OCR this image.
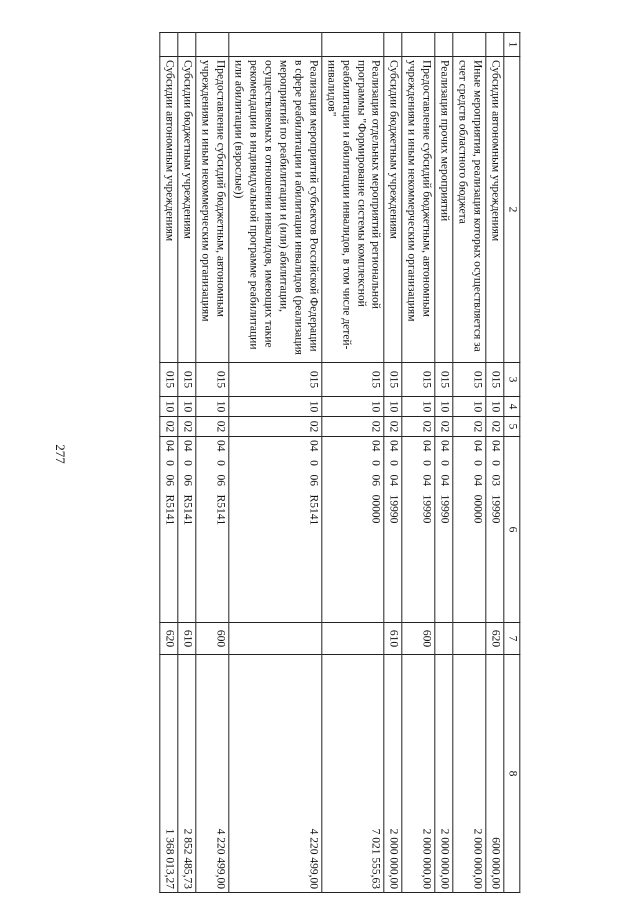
277
1	2	3	4	5	6	7	8
	Субсидии автономным учреждениям	015	10	02	04   0   03   19990	620	600 000,00
	Иные мероприятия, реализация которых осуществляется за счет средств областного бюджета	015	10	02	04   0   04   00000		2 000 000,00
	Реализация прочих мероприятий	015	10	02	04   0   04   19990		2 000 000,00
	Предоставление субсидий бюджетным, автономным учреждениям и иным некоммерческим организациям	015	10	02	04   0   04   19990	600	2 000 000,00
	Субсидии бюджетным учреждениям	015	10	02	04   0   04   19990	610	2 000 000,00
	Реализация отдельных мероприятий региональной программы "Формирование системы комплексной реабилитации и абилитации инвалидов, в том числе детей-инвалидов"	015	10	02	04   0   06   00000		7 021 555,63
	Реализация мероприятий субъектов Российской Федерации в сфере реабилитации и абилитации инвалидов (реализация мероприятий по реабилитации и (или) абилитации, осуществляемых в отношении инвалидов, имеющих такие рекомендации в индивидуальной программе реабилитации или абилитации (взрослые))	015	10	02	04   0   06   R5141		4 220 499,00
	Предоставление субсидий бюджетным, автономным учреждениям и иным некоммерческим организациям	015	10	02	04   0   06   R5141	600	4 220 499,00
	Субсидии бюджетным учреждениям	015	10	02	04   0   06   R5141	610	2 852 485,73
	Субсидии автономным учреждениям	015	10	02	04   0   06   R5141	620	1 368 013,27
